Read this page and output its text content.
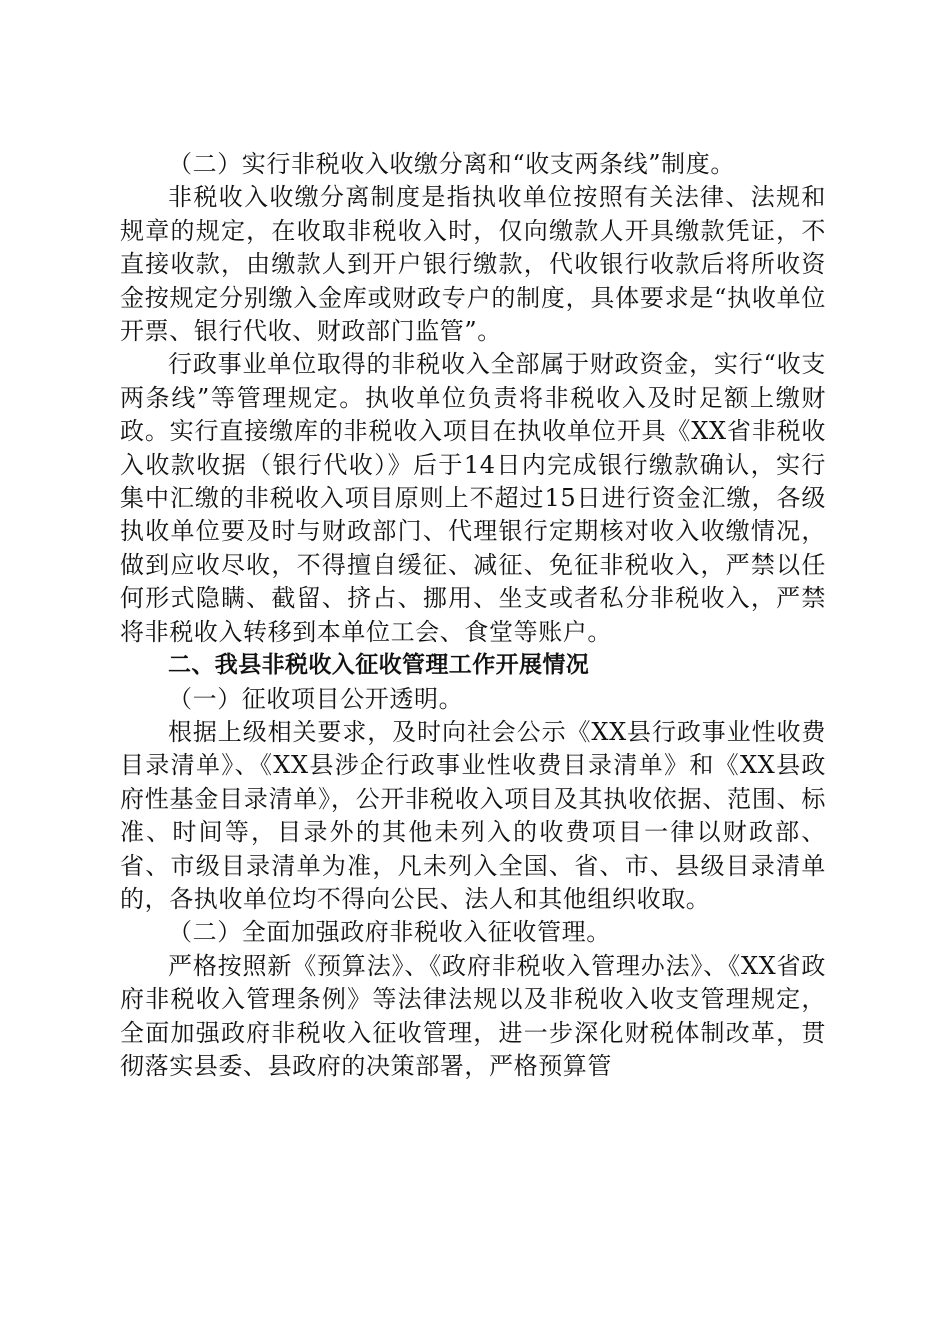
（二）实行非税收入收缴分离和“收支两条线”制度。

非税收入收缴分离制度是指执收单位按照有关法律、法规和规章的规定，在收取非税收入时，仅向缴款人开具缴款凭证，不直接收款，由缴款人到开户银行缴款，代收银行收款后将所收资金按规定分别缴入金库或财政专户的制度，具体要求是“执收单位开票、银行代收、财政部门监管”。

行政事业单位取得的非税收入全部属于财政资金，实行“收支两条线”等管理规定。执收单位负责将非税收入及时足额上缴财政。实行直接缴库的非税收入项目在执收单位开具《XX省非税收入收款收据（银行代收）》后于14日内完成银行缴款确认，实行集中汇缴的非税收入项目原则上不超过15日进行资金汇缴，各级执收单位要及时与财政部门、代理银行定期核对收入收缴情况，做到应收尽收，不得擅自缓征、减征、免征非税收入，严禁以任何形式隐瞒、截留、挤占、挪用、坐支或者私分非税收入，严禁将非税收入转移到本单位工会、食堂等账户。

二、我县非税收入征收管理工作开展情况

（一）征收项目公开透明。

根据上级相关要求，及时向社会公示《XX县行政事业性收费目录清单》、《XX县涉企行政事业性收费目录清单》和《XX县政府性基金目录清单》，公开非税收入项目及其执收依据、范围、标准、时间等，目录外的其他未列入的收费项目一律以财政部、省、市级目录清单为准，凡未列入全国、省、市、县级目录清单的，各执收单位均不得向公民、法人和其他组织收取。

（二）全面加强政府非税收入征收管理。

严格按照新《预算法》、《政府非税收入管理办法》、《XX省政府非税收入管理条例》等法律法规以及非税收入收支管理规定，全面加强政府非税收入征收管理，进一步深化财税体制改革，贯彻落实县委、县政府的决策部署，严格预算管
